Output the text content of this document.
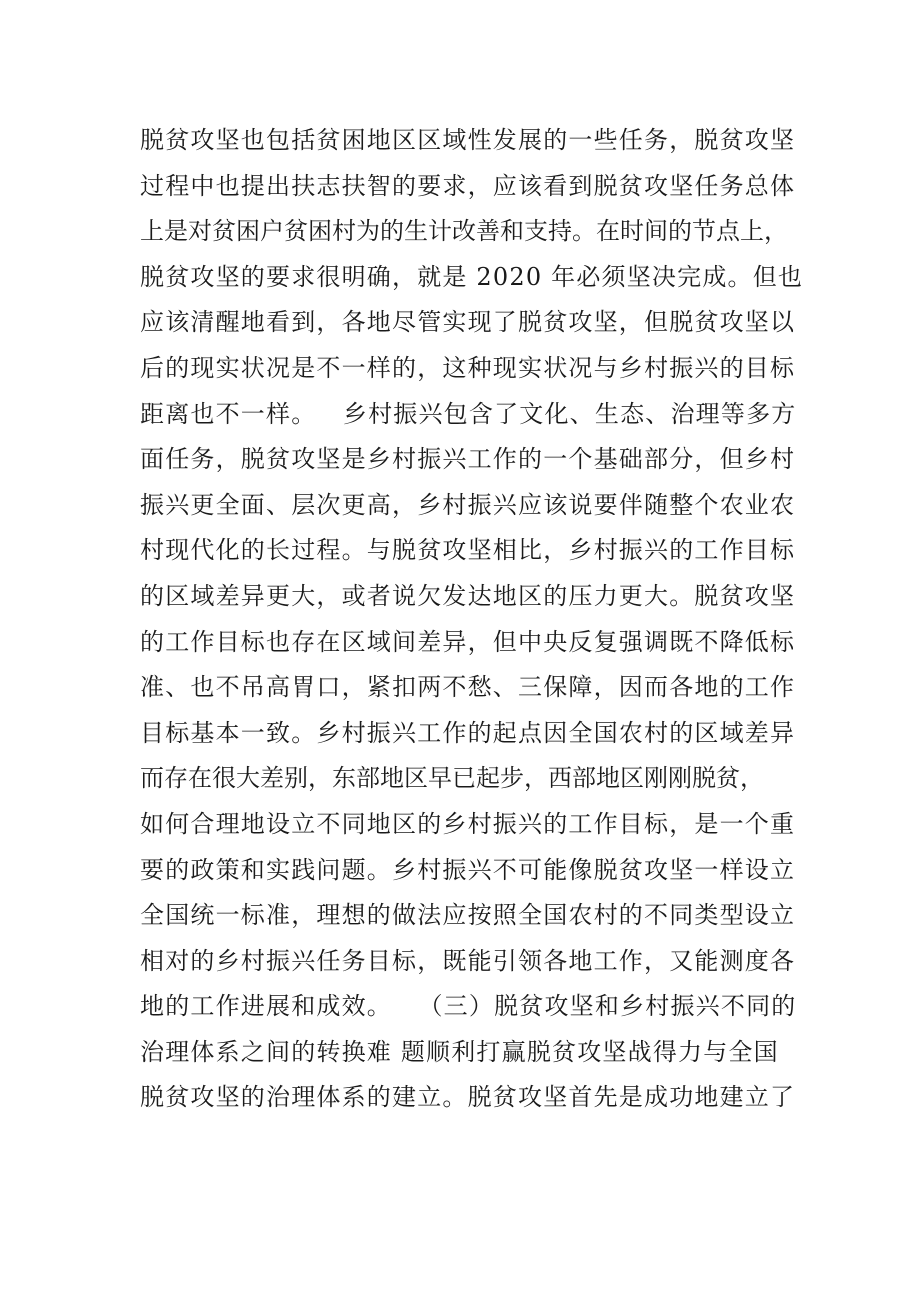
脱贫攻坚也包括贫困地区区域性发展的一些任务，脱贫攻坚
过程中也提出扶志扶智的要求，应该看到脱贫攻坚任务总体
上是对贫困户贫困村为的生计改善和支持。在时间的节点上，
脱贫攻坚的要求很明确，就是 2020 年必须坚决完成。但也
应该清醒地看到，各地尽管实现了脱贫攻坚，但脱贫攻坚以
后的现实状况是不一样的，这种现实状况与乡村振兴的目标
距离也不一样。   乡村振兴包含了文化、生态、治理等多方
面任务，脱贫攻坚是乡村振兴工作的一个基础部分，但乡村
振兴更全面、层次更高，乡村振兴应该说要伴随整个农业农
村现代化的长过程。与脱贫攻坚相比，乡村振兴的工作目标
的区域差异更大，或者说欠发达地区的压力更大。脱贫攻坚
的工作目标也存在区域间差异，但中央反复强调既不降低标
准、也不吊高胃口，紧扣两不愁、三保障，因而各地的工作
目标基本一致。乡村振兴工作的起点因全国农村的区域差异
而存在很大差别，东部地区早已起步，西部地区刚刚脱贫，
如何合理地设立不同地区的乡村振兴的工作目标，是一个重
要的政策和实践问题。乡村振兴不可能像脱贫攻坚一样设立
全国统一标准，理想的做法应按照全国农村的不同类型设立
相对的乡村振兴任务目标，既能引领各地工作，又能测度各
地的工作进展和成效。   （三）脱贫攻坚和乡村振兴不同的
治理体系之间的转换难 题顺利打赢脱贫攻坚战得力与全国
脱贫攻坚的治理体系的建立。脱贫攻坚首先是成功地建立了
